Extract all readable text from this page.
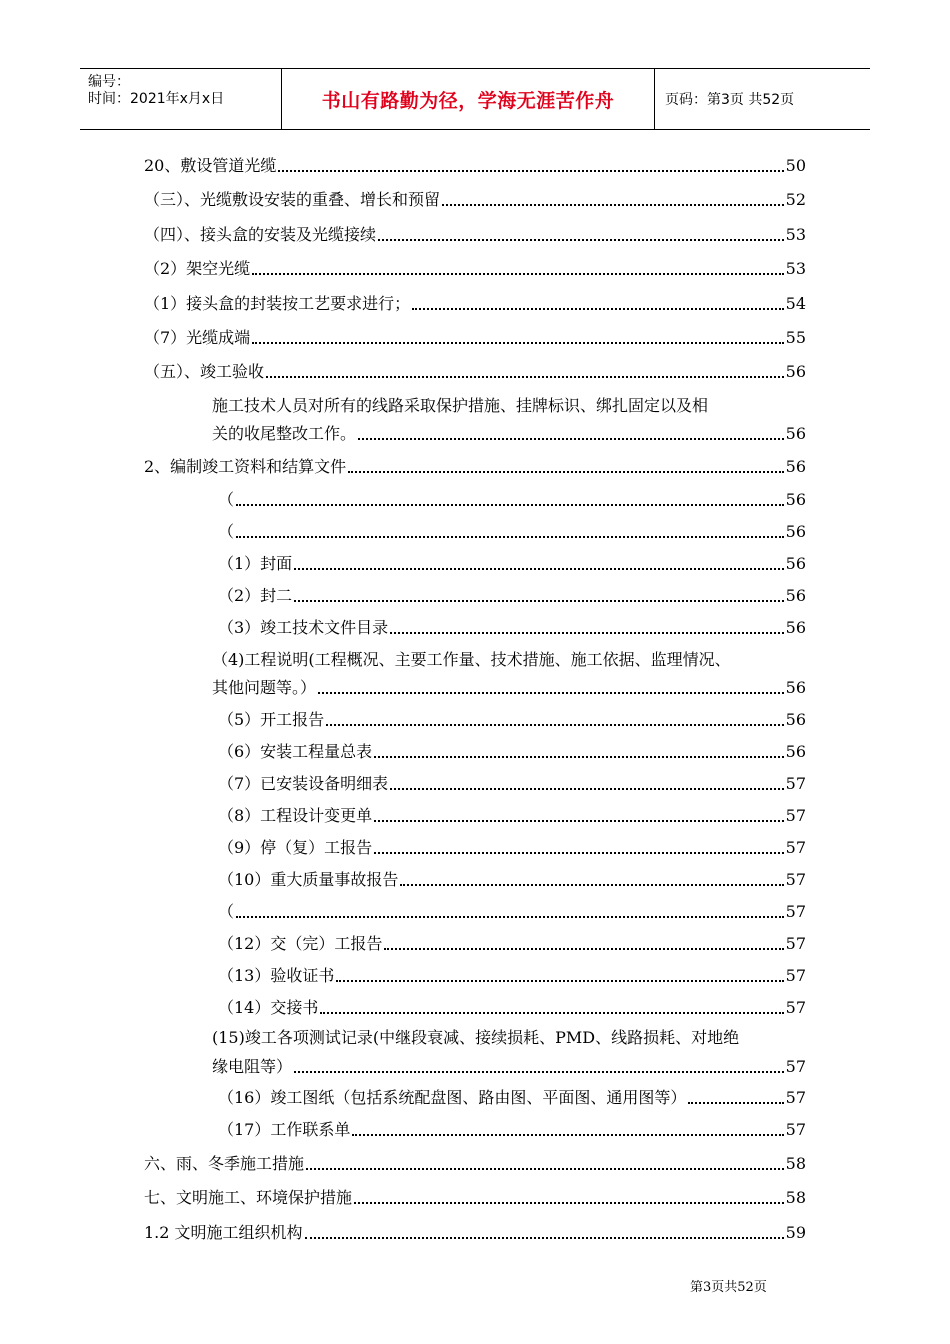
编号：
时间：2021年x月x日	书山有路勤为径，学海无涯苦作舟	页码：第3页 共52页
20、敷设管道光缆	50
（三）、光缆敷设安装的重叠、增长和预留	52
（四）、接头盒的安装及光缆接续	53
（2）架空光缆	53
（1）接头盒的封装按工艺要求进行；	54
（7）光缆成端	55
（五）、竣工验收	56
施工技术人员对所有的线路采取保护措施、挂牌标识、绑扎固定以及相
关的收尾整改工作。	56
2、编制竣工资料和结算文件	56
（	56
（	56
（1）封面	56
（2）封二	56
（3）竣工技术文件目录	56
（4)工程说明(工程概况、主要工作量、技术措施、施工依据、监理情况、
其他问题等。）	56
（5）开工报告	56
（6）安装工程量总表	56
（7）已安装设备明细表	57
（8）工程设计变更单	57
（9）停（复）工报告	57
（10）重大质量事故报告	57
（	57
（12）交（完）工报告	57
（13）验收证书	57
（14）交接书	57
(15)竣工各项测试记录(中继段衰减、接续损耗、PMD、线路损耗、对地绝
缘电阻等）	57
（16）竣工图纸（包括系统配盘图、路由图、平面图、通用图等）	57
（17）工作联系单	57
六、雨、冬季施工措施	58
七、文明施工、环境保护措施	58
1.2 文明施工组织机构	59
第3页共52页
